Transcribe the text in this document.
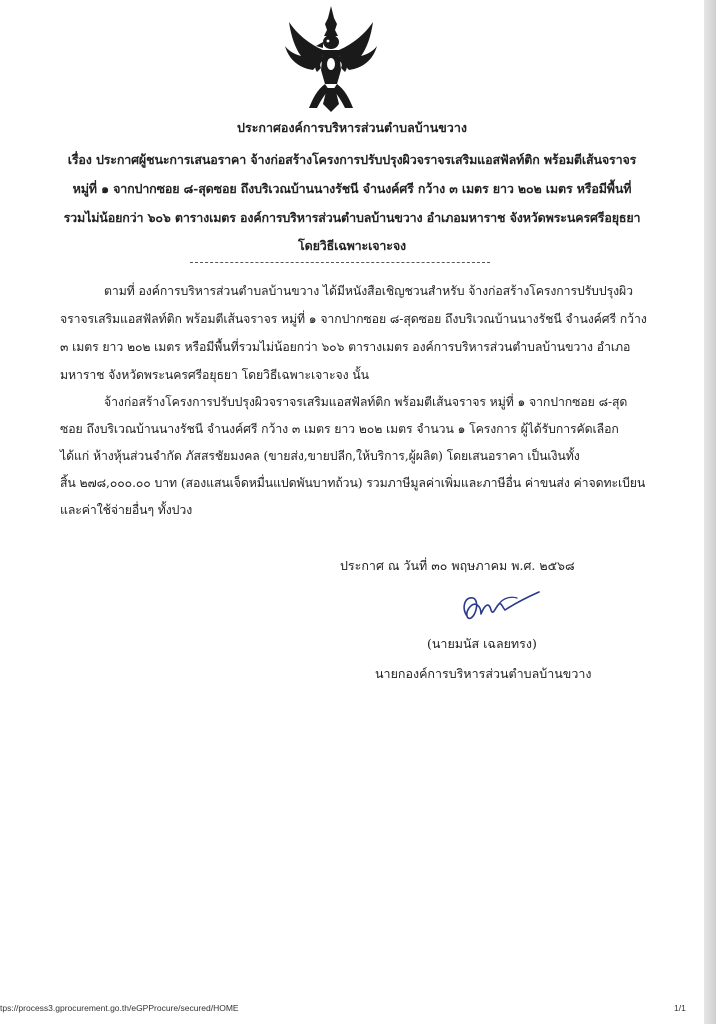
ประกาศองค์การบริหารส่วนตำบลบ้านขวาง
เรื่อง ประกาศผู้ชนะการเสนอราคา จ้างก่อสร้างโครงการปรับปรุงผิวจราจรเสริมแอสฟัลท์ติก พร้อมตีเส้นจราจร
หมู่ที่ ๑ จากปากซอย ๘-สุดซอย ถึงบริเวณบ้านนางรัชนี จำนงค์ศรี กว้าง ๓ เมตร ยาว ๒๐๒ เมตร หรือมีพื้นที่
รวมไม่น้อยกว่า ๖๐๖ ตารางเมตร องค์การบริหารส่วนตำบลบ้านขวาง อำเภอมหาราช จังหวัดพระนครศรีอยุธยา
โดยวิธีเฉพาะเจาะจง
ตามที่ องค์การบริหารส่วนตำบลบ้านขวาง ได้มีหนังสือเชิญชวนสำหรับ จ้างก่อสร้างโครงการปรับปรุงผิว
จราจรเสริมแอสฟัลท์ติก พร้อมตีเส้นจราจร หมู่ที่ ๑ จากปากซอย ๘-สุดซอย ถึงบริเวณบ้านนางรัชนี จำนงค์ศรี กว้าง
๓ เมตร ยาว ๒๐๒ เมตร หรือมีพื้นที่รวมไม่น้อยกว่า ๖๐๖ ตารางเมตร องค์การบริหารส่วนตำบลบ้านขวาง อำเภอ
มหาราช จังหวัดพระนครศรีอยุธยา โดยวิธีเฉพาะเจาะจง นั้น
จ้างก่อสร้างโครงการปรับปรุงผิวจราจรเสริมแอสฟัลท์ติก พร้อมตีเส้นจราจร หมู่ที่ ๑ จากปากซอย ๘-สุด
ซอย ถึงบริเวณบ้านนางรัชนี จำนงค์ศรี กว้าง ๓ เมตร ยาว ๒๐๒ เมตร จำนวน ๑ โครงการ ผู้ได้รับการคัดเลือก
ได้แก่ ห้างหุ้นส่วนจำกัด ภัสสรชัยมงคล (ขายส่ง,ขายปลีก,ให้บริการ,ผู้ผลิต) โดยเสนอราคา เป็นเงินทั้ง
สิ้น ๒๗๘,๐๐๐.๐๐ บาท (สองแสนเจ็ดหมื่นแปดพันบาทถ้วน) รวมภาษีมูลค่าเพิ่มและภาษีอื่น ค่าขนส่ง ค่าจดทะเบียน
และค่าใช้จ่ายอื่นๆ ทั้งปวง
ประกาศ ณ วันที่ ๓๐ พฤษภาคม พ.ศ. ๒๕๖๘
(นายมนัส เฉลยทรง)
นายกองค์การบริหารส่วนตำบลบ้านขวาง
tps://process3.gprocurement.go.th/eGPProcure/secured/HOME	1/1
